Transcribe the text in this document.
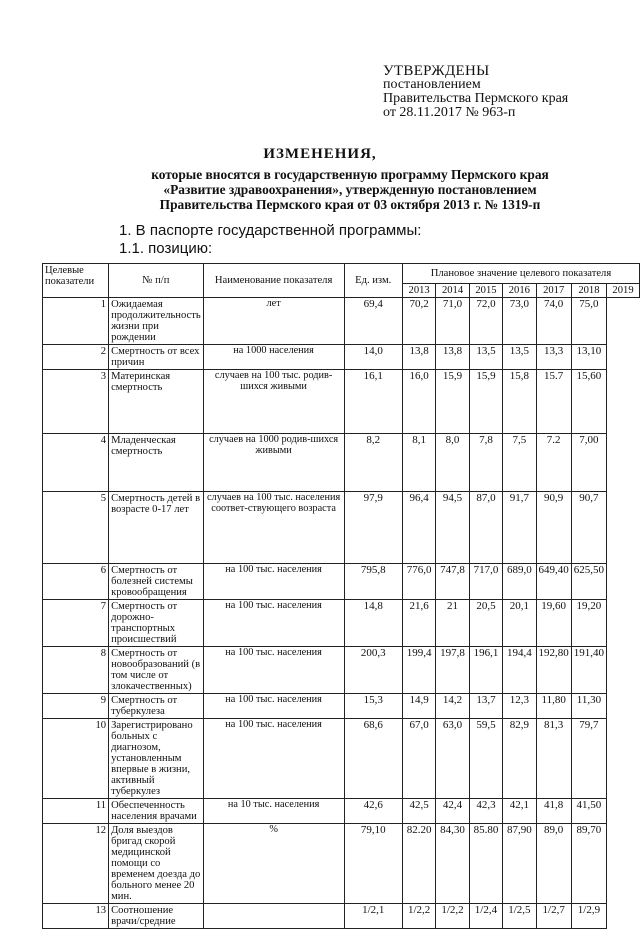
УТВЕРЖДЕНЫ
постановлением
Правительства Пермского края
от 28.11.2017 № 963-п
ИЗМЕНЕНИЯ,
которые вносятся в государственную программу Пермского края
«Развитие здравоохранения», утвержденную постановлением
Правительства Пермского края от 03 октября 2013 г. № 1319-п
1. В паспорте государственной программы:
1.1. позицию:
Целевые показатели	№ п/п	Наименование показателя	Ед. изм.	Плановое значение целевого показателя						
				2013	2014	2015	2016	2017	2018	2019
1	Ожидаемая продолжительность жизни при рождении	лет	69,4	70,2	71,0	72,0	73,0	74,0	75,0	
2	Смертность от всех причин	на 1000 населения	14,0	13,8	13,8	13,5	13,5	13,3	13,10	
3	Материнская смертность	случаев на 100 тыс. родив-шихся живыми	16,1	16,0	15,9	15,9	15,8	15.7	15,60	
4	Младенческая смертность	случаев на 1000 родив-шихся живыми	8,2	8,1	8,0	7,8	7,5	7.2	7,00	
5	Смертность детей в возрасте 0-17 лет	случаев на 100 тыс. населения соответ-ствующего возраста	97,9	96,4	94,5	87,0	91,7	90,9	90,7	
6	Смертность от болезней системы кровообращения	на 100 тыс. населения	795,8	776,0	747,8	717,0	689,0	649,40	625,50	
7	Смертность от дорожно-транспортных происшествий	на 100 тыс. населения	14,8	21,6	21	20,5	20,1	19,60	19,20	
8	Смертность от новообразований (в том числе от злокачественных)	на 100 тыс. населения	200,3	199,4	197,8	196,1	194,4	192,80	191,40	
9	Смертность от туберкулеза	на 100 тыс. населения	15,3	14,9	14,2	13,7	12,3	11,80	11,30	
10	Зарегистрировано больных с диагнозом, установленным впервые в жизни, активный туберкулез	на 100 тыс. населения	68,6	67,0	63,0	59,5	82,9	81,3	79,7	
11	Обеспеченность населения врачами	на 10 тыс. населения	42,6	42,5	42,4	42,3	42,1	41,8	41,50	
12	Доля выездов бригад скорой медицинской помощи со временем доезда до больного менее 20 мин.	%	79,10	82.20	84,30	85.80	87,90	89,0	89,70	
13	Соотношение врачи/средние		1/2,1	1/2,2	1/2,2	1/2,4	1/2,5	1/2,7	1/2,9	
